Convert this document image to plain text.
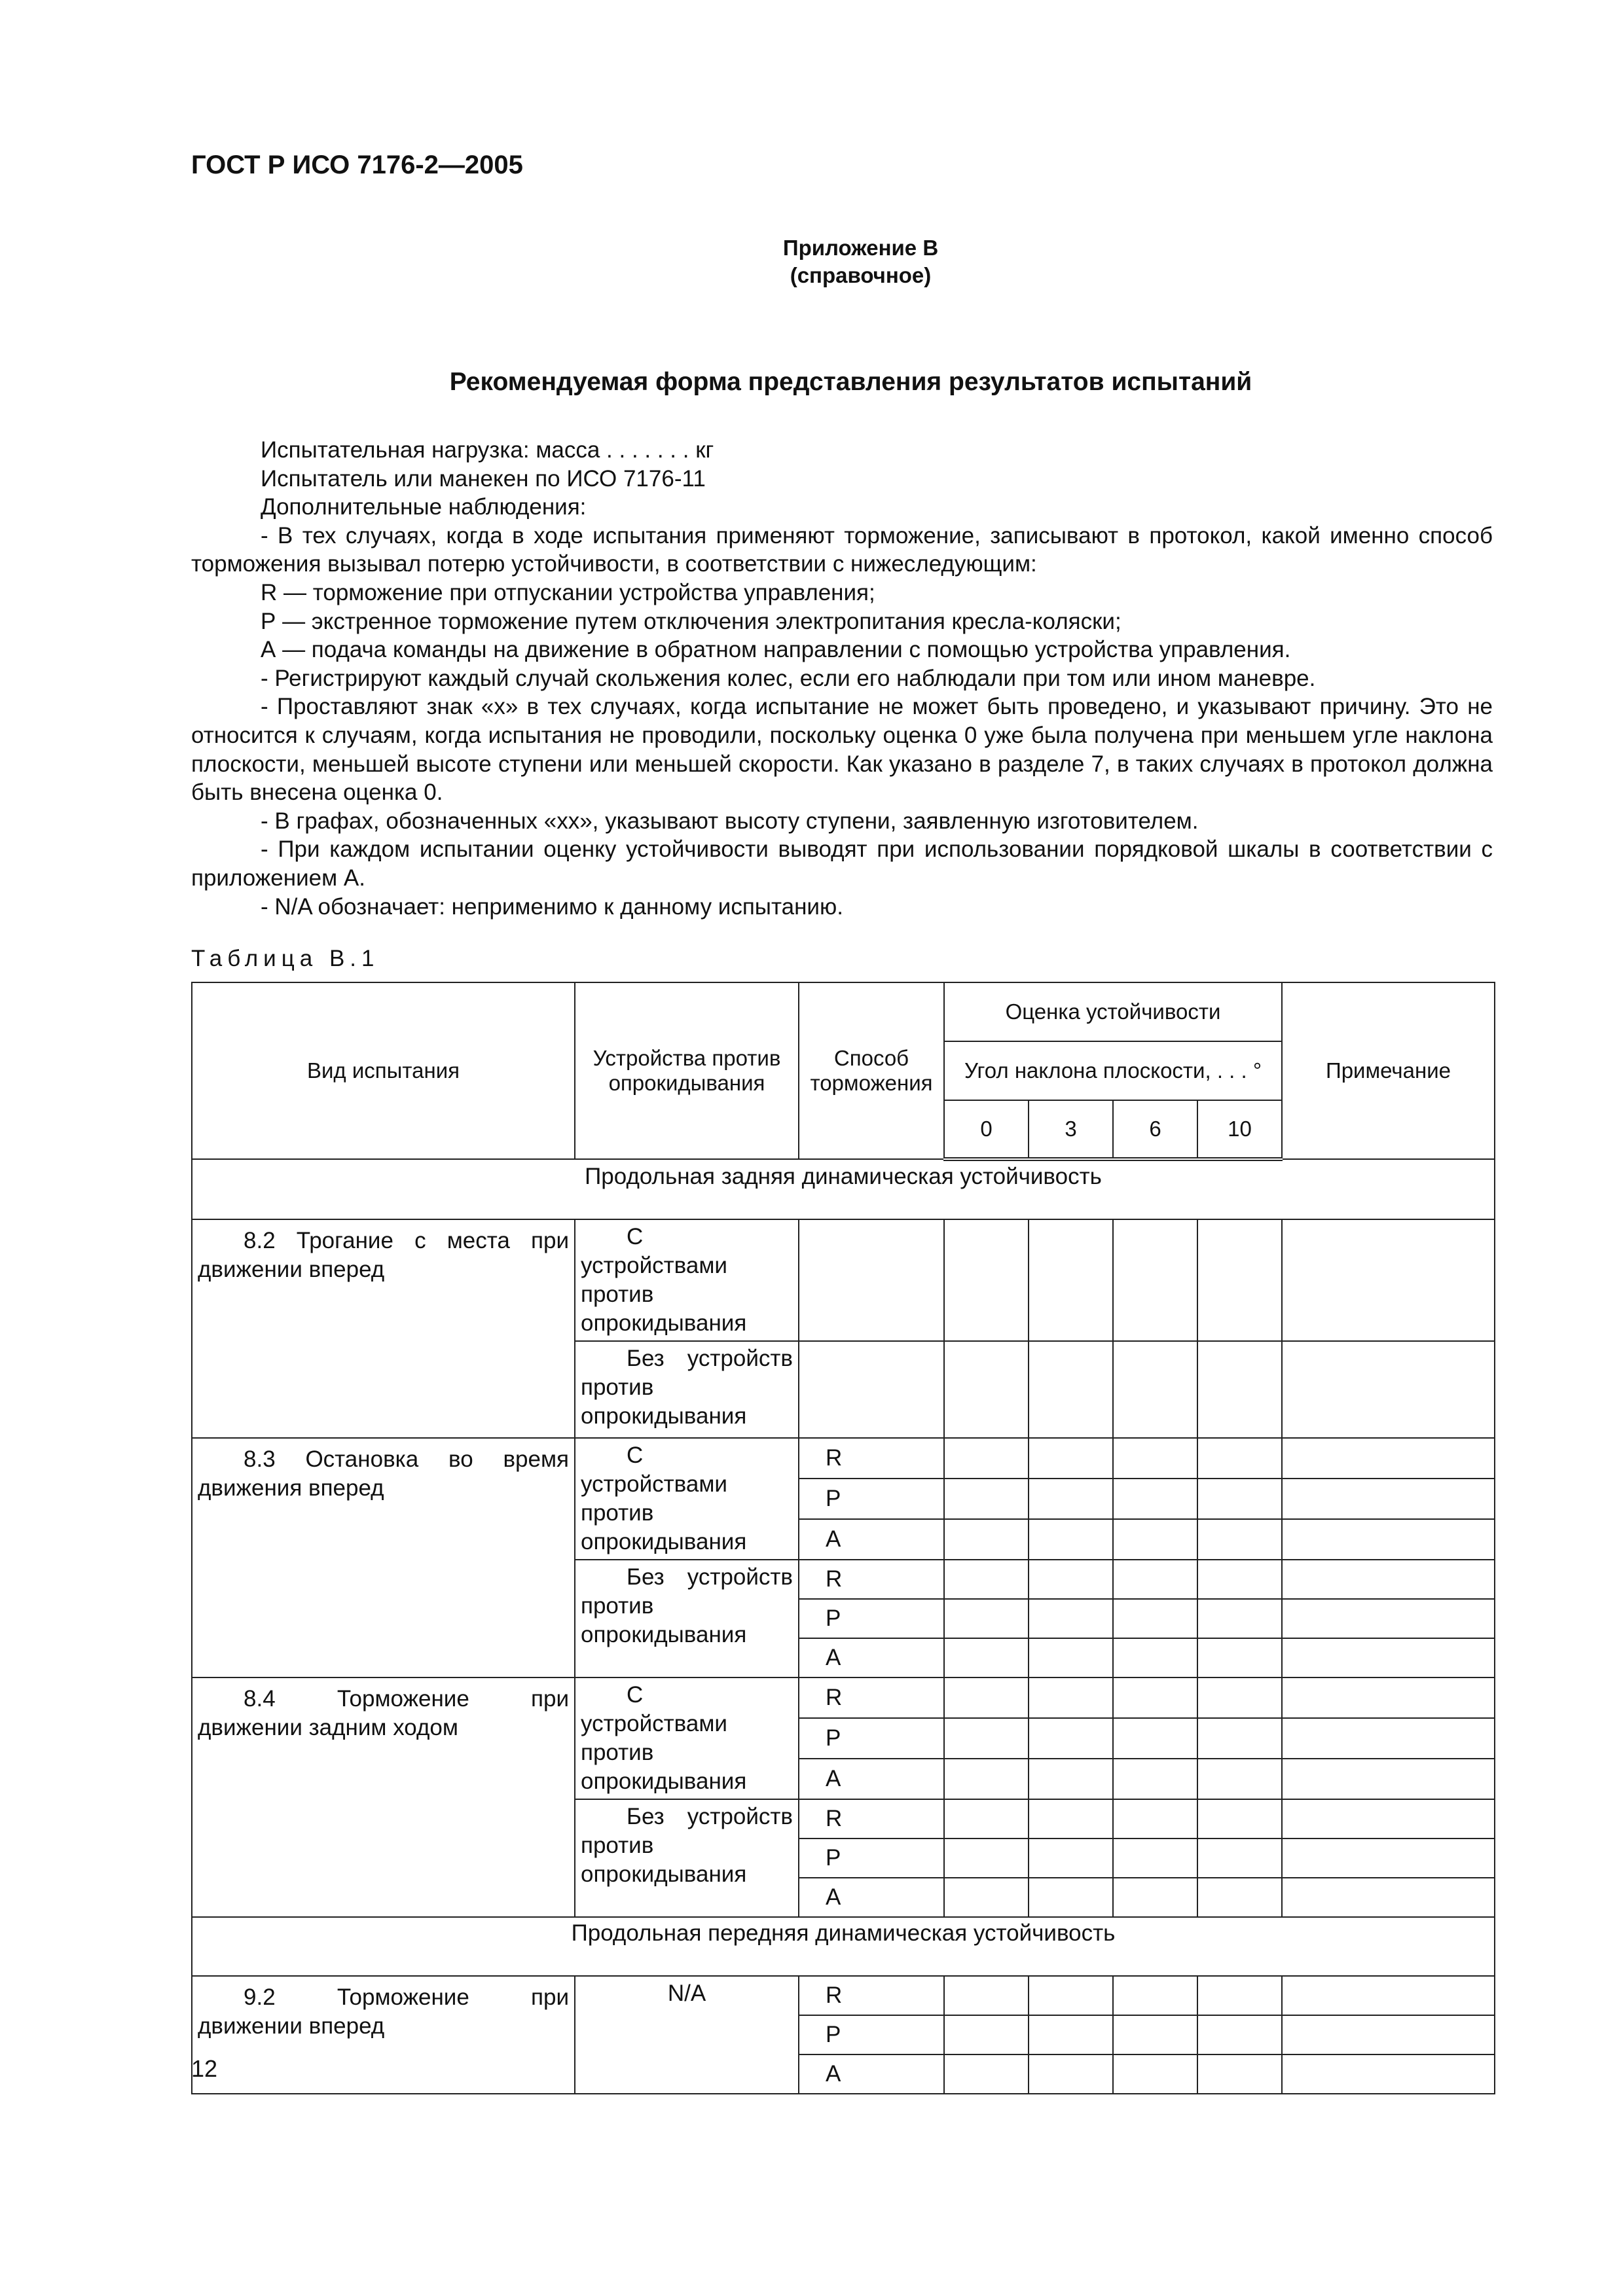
ГОСТ Р ИСО 7176-2—2005
Приложение В
(справочное)
Рекомендуемая форма представления результатов испытаний

Испытательная нагрузка: масса . . . . . . . кг

Испытатель или манекен по ИСО 7176-11

Дополнительные наблюдения:

- В тех случаях, когда в ходе испытания применяют торможение, записывают в протокол, какой именно способ торможения вызывал потерю устойчивости, в соответствии с нижеследующим:

R — торможение при отпускании устройства управления;

Р — экстренное торможение путем отключения электропитания кресла-коляски;

А — подача команды на движение в обратном направлении с помощью устройства управления.

- Регистрируют каждый случай скольжения колес, если его наблюдали при том или ином маневре.

- Проставляют знак «х» в тех случаях, когда испытание не может быть проведено, и указывают причину. Это не относится к случаям, когда испытания не проводили, поскольку оценка 0 уже была получена при меньшем угле наклона плоскости, меньшей высоте ступени или меньшей скорости. Как указано в разделе 7, в таких случаях в протокол должна быть внесена оценка 0.

- В графах, обозначенных «хх», указывают высоту ступени, заявленную изготовителем.

- При каждом испытании оценку устойчивости выводят при использовании порядковой шкалы в соответствии с приложением А.

- N/A обозначает: неприменимо к данному испытанию.

Таблица В.1
Вид испытания	Устройства против опрокидывания	Способ торможения	Оценка устойчивости				Примечание
			Угол наклона плоскости, . . . °				
			0	3	6	10	
Продольная задняя динамическая устойчивость							
8.2 Трогание с места при движении вперед	С устройствами против опрокидывания						
	Без устройств против опрокидывания						
8.3 Остановка во время движения вперед	С устройствами против опрокидывания	R					
		Р					
		А					
	Без устройств против опрокидывания	R					
		Р					
		А					
8.4 Торможение при движении задним ходом	С устройствами против опрокидывания	R					
		Р					
		А					
	Без устройств против опрокидывания	R					
		Р					
		А					
Продольная передняя динамическая устойчивость							
9.2 Торможение при движении вперед	N/A	R					
		Р					
		А					
12
